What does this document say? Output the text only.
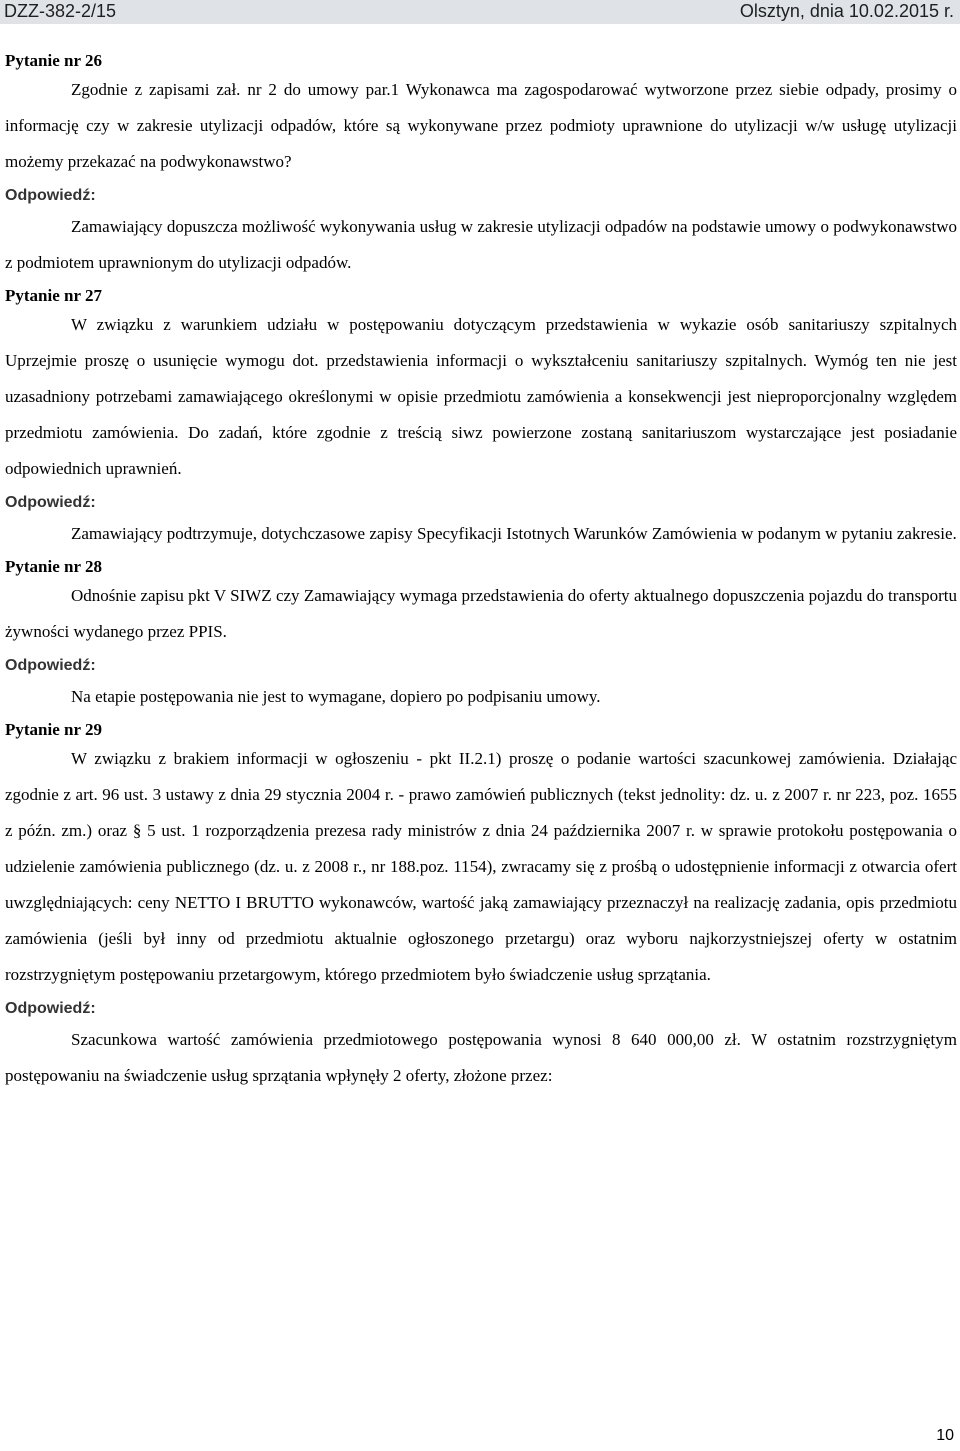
DZZ-382-2/15	Olsztyn, dnia 10.02.2015 r.
Pytanie nr 26

Zgodnie z zapisami zał. nr 2 do umowy par.1 Wykonawca ma zagospodarować wytworzone przez siebie odpady, prosimy o informację czy w zakresie utylizacji odpadów, które są wykonywane przez podmioty uprawnione do utylizacji w/w usługę utylizacji możemy przekazać na podwykonawstwo?

Odpowiedź:

Zamawiający dopuszcza możliwość wykonywania usług w zakresie utylizacji odpadów na podstawie umowy o podwykonawstwo z podmiotem uprawnionym do utylizacji odpadów.

Pytanie nr 27

W związku z warunkiem udziału w postępowaniu dotyczącym przedstawienia w wykazie osób sanitariuszy szpitalnych Uprzejmie proszę o usunięcie wymogu dot. przedstawienia informacji o wykształceniu sanitariuszy szpitalnych. Wymóg ten nie jest uzasadniony potrzebami zamawiającego określonymi w opisie przedmiotu zamówienia a konsekwencji jest nieproporcjonalny względem przedmiotu zamówienia. Do zadań, które zgodnie z treścią siwz powierzone zostaną sanitariuszom wystarczające jest posiadanie odpowiednich uprawnień.

Odpowiedź:

Zamawiający podtrzymuje, dotychczasowe zapisy Specyfikacji Istotnych Warunków Zamówienia w podanym w pytaniu zakresie.

Pytanie nr 28

Odnośnie zapisu pkt V SIWZ czy Zamawiający wymaga przedstawienia do oferty aktualnego dopuszczenia pojazdu do transportu żywności wydanego przez PPIS.

Odpowiedź:

Na etapie postępowania nie jest to wymagane, dopiero po podpisaniu umowy.

Pytanie nr 29

W związku z brakiem informacji w ogłoszeniu - pkt II.2.1) proszę o podanie wartości szacunkowej zamówienia. Działając zgodnie z art. 96 ust. 3 ustawy z dnia 29 stycznia 2004 r. - prawo zamówień publicznych (tekst jednolity: dz. u. z 2007 r. nr 223, poz. 1655 z późn. zm.) oraz § 5 ust. 1 rozporządzenia prezesa rady ministrów z dnia 24 października 2007 r. w sprawie protokołu postępowania o udzielenie zamówienia publicznego (dz. u. z 2008 r., nr 188.poz. 1154), zwracamy się z prośbą o udostępnienie informacji z otwarcia ofert uwzględniających: ceny NETTO I BRUTTO wykonawców, wartość jaką zamawiający przeznaczył na realizację zadania, opis przedmiotu zamówienia (jeśli był inny od przedmiotu aktualnie ogłoszonego przetargu) oraz wyboru najkorzystniejszej oferty w ostatnim rozstrzygniętym postępowaniu przetargowym, którego przedmiotem było świadczenie usług sprzątania.

Odpowiedź:

Szacunkowa wartość zamówienia przedmiotowego postępowania wynosi 8 640 000,00 zł. W ostatnim rozstrzygniętym postępowaniu na świadczenie usług sprzątania wpłynęły 2 oferty, złożone przez:

10
